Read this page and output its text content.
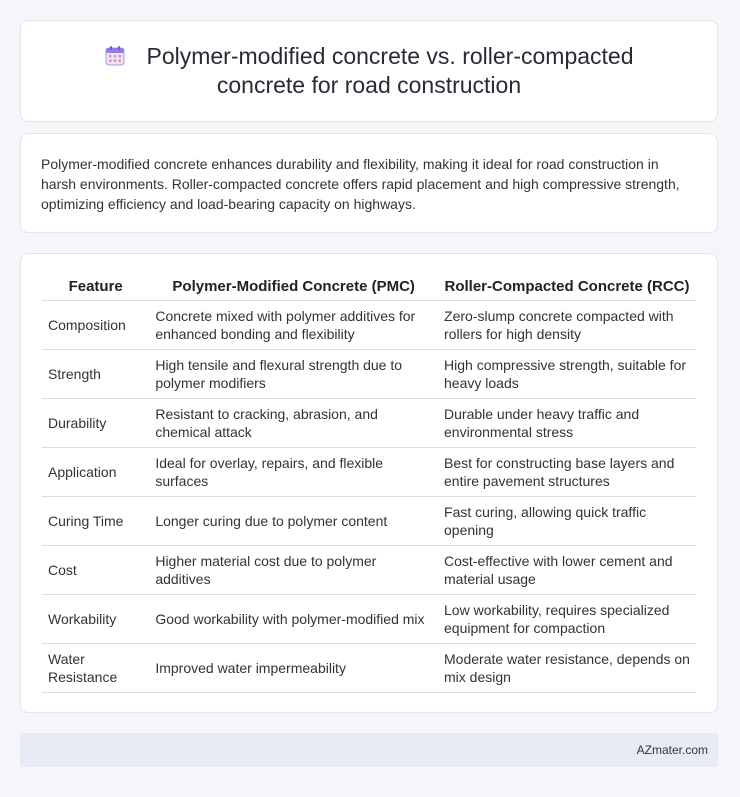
Polymer-modified concrete vs. roller-compacted concrete for road construction

Polymer-modified concrete enhances durability and flexibility, making it ideal for road construction in harsh environments. Roller-compacted concrete offers rapid placement and high compressive strength, optimizing efficiency and load-bearing capacity on highways.

Feature	Polymer-Modified Concrete (PMC)	Roller-Compacted Concrete (RCC)
Composition	Concrete mixed with polymer additives for enhanced bonding and flexibility	Zero-slump concrete compacted with rollers for high density
Strength	High tensile and flexural strength due to polymer modifiers	High compressive strength, suitable for heavy loads
Durability	Resistant to cracking, abrasion, and chemical attack	Durable under heavy traffic and environmental stress
Application	Ideal for overlay, repairs, and flexible surfaces	Best for constructing base layers and entire pavement structures
Curing Time	Longer curing due to polymer content	Fast curing, allowing quick traffic opening
Cost	Higher material cost due to polymer additives	Cost-effective with lower cement and material usage
Workability	Good workability with polymer-modified mix	Low workability, requires specialized equipment for compaction
Water Resistance	Improved water impermeability	Moderate water resistance, depends on mix design
AZmater.com
